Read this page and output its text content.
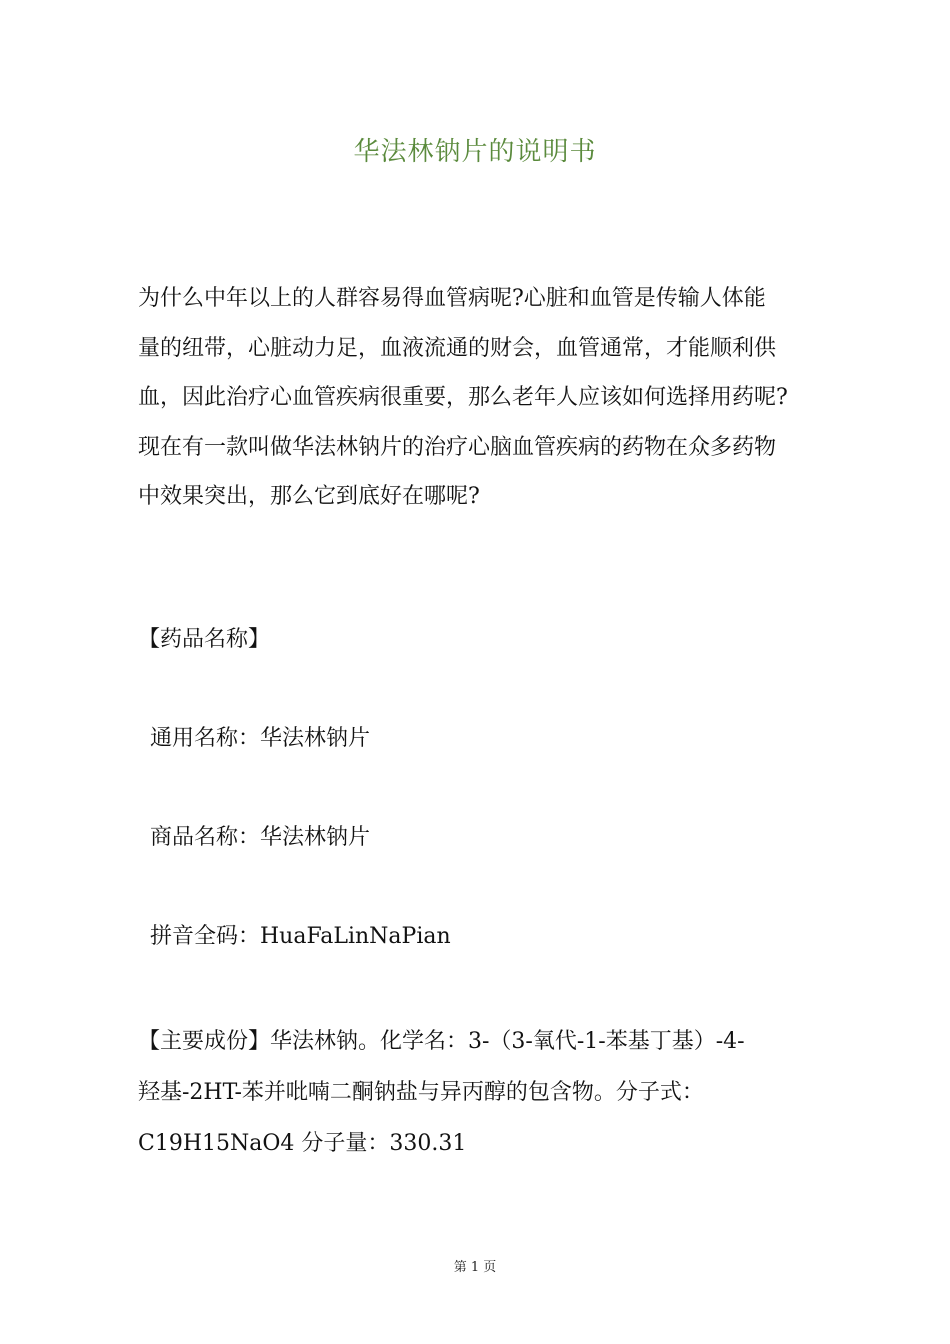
华法林钠片的说明书
为什么中年以上的人群容易得血管病呢?心脏和血管是传输人体能
量的纽带，心脏动力足，血液流通的财会，血管通常，才能顺利供
血，因此治疗心血管疾病很重要，那么老年人应该如何选择用药呢?
现在有一款叫做华法林钠片的治疗心脑血管疾病的药物在众多药物
中效果突出，那么它到底好在哪呢?
【药品名称】
通用名称：华法林钠片
商品名称：华法林钠片
拼音全码：HuaFaLinNaPian
【主要成份】华法林钠。化学名：3-（3-氧代-1-苯基丁基）-4-
羟基-2HT-苯并吡喃二酮钠盐与异丙醇的包含物。分子式：
C19H15NaO4 分子量：330.31
第 1 页
